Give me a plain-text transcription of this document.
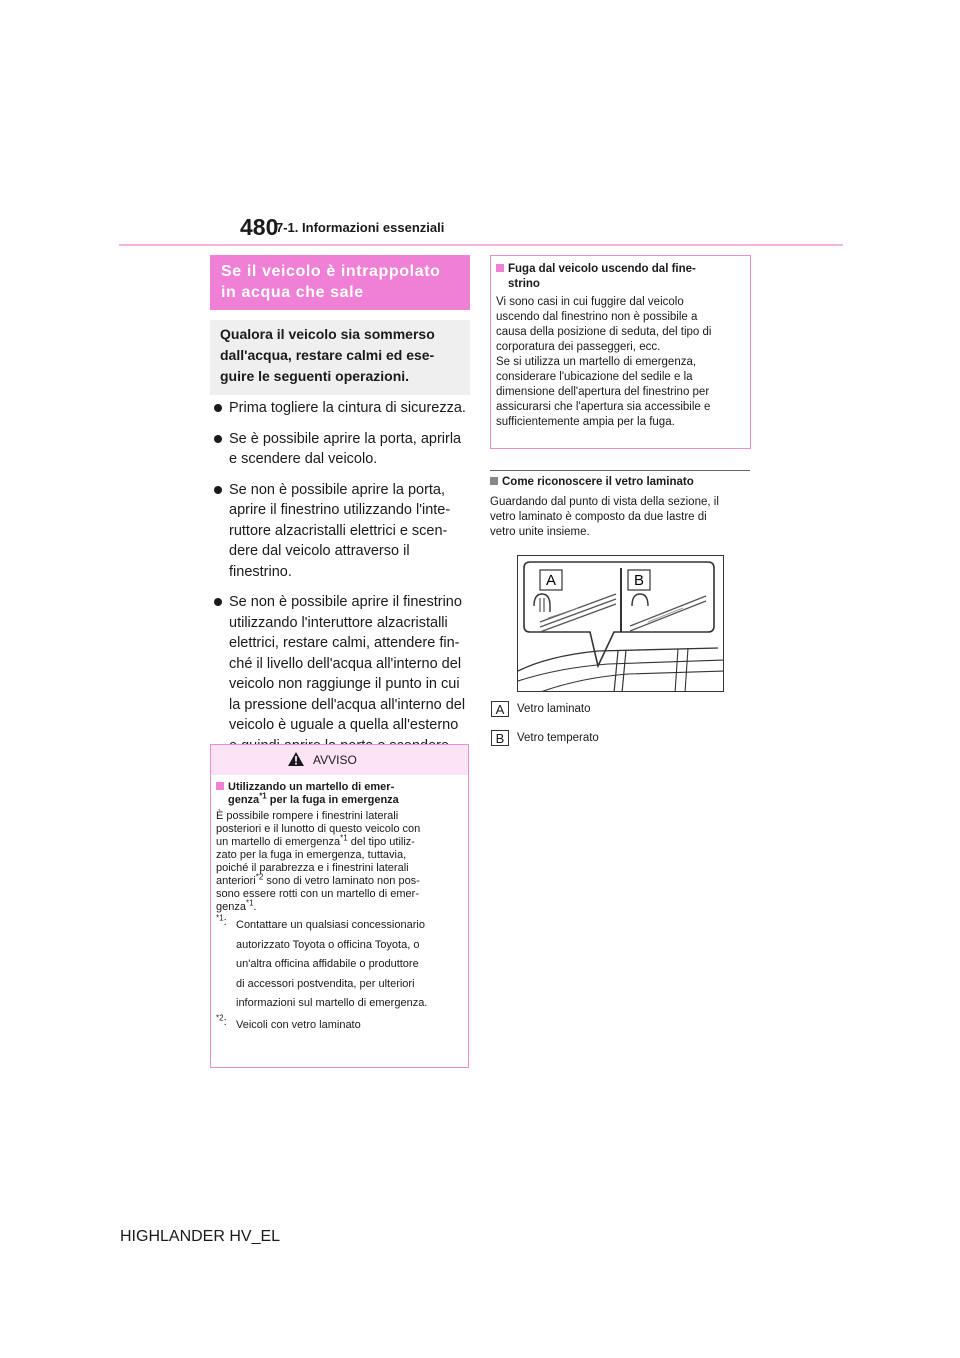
480
7-1. Informazioni essenziali
Se il veicolo è intrappolato
in acqua che sale
Qualora il veicolo sia sommerso
dall'acqua, restare calmi ed ese-
guire le seguenti operazioni.
Prima togliere la cintura di sicurezza.
Se è possibile aprire la porta, aprirla
e scendere dal veicolo.
Se non è possibile aprire la porta,
aprire il finestrino utilizzando l'inte-
ruttore alzacristalli elettrici e scen-
dere dal veicolo attraverso il
finestrino.
Se non è possibile aprire il finestrino
utilizzando l'interuttore alzacristalli
elettrici, restare calmi, attendere fin-
ché il livello dell'acqua all'interno del
veicolo non raggiunge il punto in cui
la pressione dell'acqua all'interno del
veicolo è uguale a quella all'esterno
AVVISO
Utilizzando un martello di emer-
genza$^{*1}$ per la fuga in emergenza
È possibile rompere i finestrini laterali
posteriori e il lunotto di questo veicolo con
un martello di emergenza$^{*1}$ del tipo utiliz-
zato per la fuga in emergenza, tuttavia,
poiché il parabrezza e i finestrini laterali
anteriori$^{*2}$ sono di vetro laminato non pos-
sono essere rotti con un martello di emer-
genza$^{*1}$.
$^{*1}$: Contattare un qualsiasi concessionario
autorizzato Toyota o officina Toyota, o
un'altra officina affidabile o produttore
di accessori postvendita, per ulteriori
informazioni sul martello di emergenza.
$^{*2}$: Veicoli con vetro laminato
Fuga dal veicolo uscendo dal fine-
strino
Vi sono casi in cui fuggire dal veicolo
uscendo dal finestrino non è possibile a
causa della posizione di seduta, del tipo di
corporatura dei passeggeri, ecc.
Se si utilizza un martello di emergenza,
considerare l'ubicazione del sedile e la
dimensione dell'apertura del finestrino per
assicurarsi che l'apertura sia accessibile e
sufficientemente ampia per la fuga.
Come riconoscere il vetro laminato
Guardando dal punto di vista della sezione, il
vetro laminato è composto da due lastre di
vetro unite insieme.
A	B
A Vetro laminato
B Vetro temperato
HIGHLANDER HV_EL
